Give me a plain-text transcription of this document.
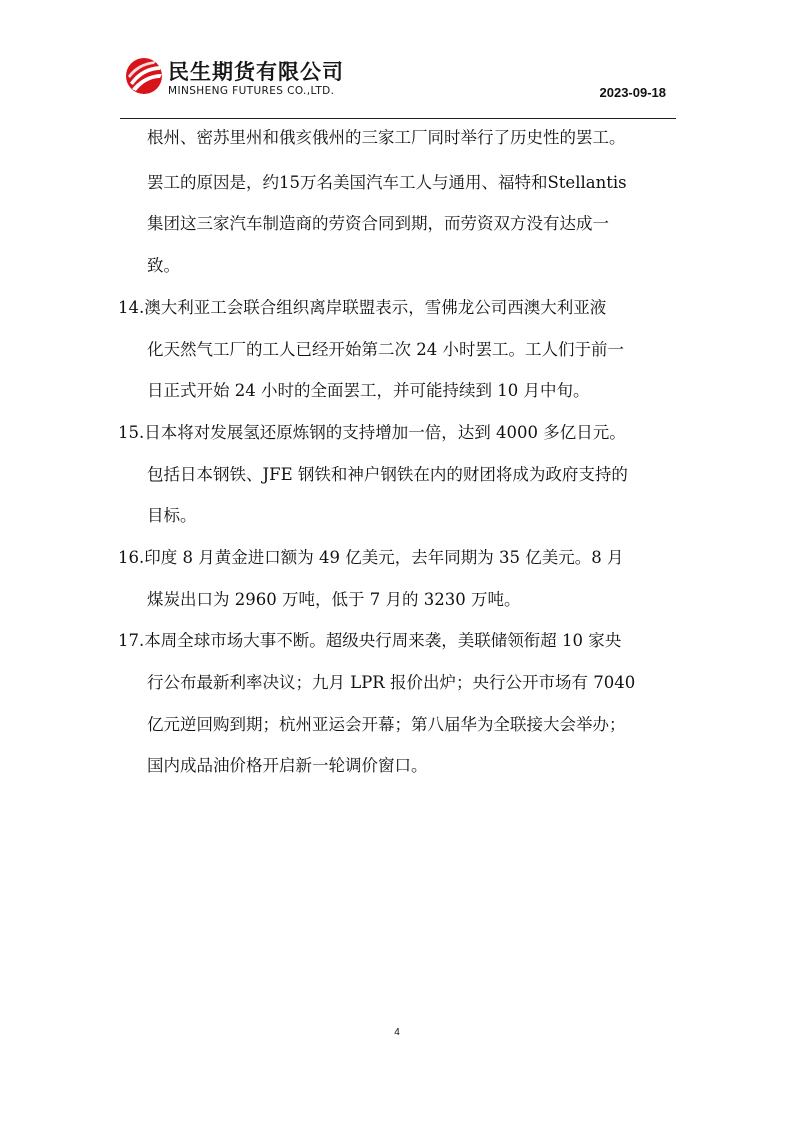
民生期货有限公司
MINSHENG FUTURES CO.,LTD.	2023-09-18
根州、密苏里州和俄亥俄州的三家工厂同时举行了历史性的罢工。
罢工的原因是，约15万名美国汽车工人与通用、福特和Stellantis
集团这三家汽车制造商的劳资合同到期，而劳资双方没有达成一
致。
14.澳大利亚工会联合组织离岸联盟表示，雪佛龙公司西澳大利亚液
化天然气工厂的工人已经开始第二次 24 小时罢工。工人们于前一
日正式开始 24 小时的全面罢工，并可能持续到 10 月中旬。
15.日本将对发展氢还原炼钢的支持增加一倍，达到 4000 多亿日元。
包括日本钢铁、JFE 钢铁和神户钢铁在内的财团将成为政府支持的
目标。
16.印度 8 月黄金进口额为 49 亿美元，去年同期为 35 亿美元。8 月
煤炭出口为 2960 万吨，低于 7 月的 3230 万吨。
17.本周全球市场大事不断。超级央行周来袭，美联储领衔超 10 家央
行公布最新利率决议；九月 LPR 报价出炉；央行公开市场有 7040
亿元逆回购到期；杭州亚运会开幕；第八届华为全联接大会举办；
国内成品油价格开启新一轮调价窗口。
4
